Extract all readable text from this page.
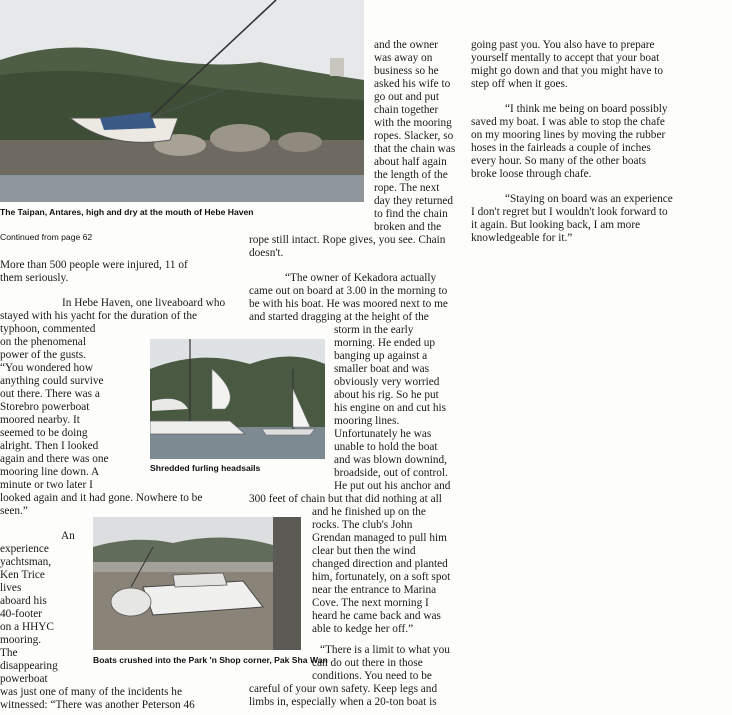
The Taipan, Antares, high and dry at the mouth of Hebe Haven
Continued from page 62
Shredded furling headsails
Boats crushed into the Park 'n Shop corner, Pak Sha Wan
More than 500 people were injured, 11 of
them seriously.
In Hebe Haven, one liveaboard who
stayed with his yacht for the duration of the
typhoon, commented
on the phenomenal
power of the gusts.
“You wondered how
anything could survive
out there. There was a
Storebro powerboat
moored nearby. It
seemed to be doing
alright. Then I looked
again and there was one
mooring line down. A
minute or two later I
looked again and it had gone. Nowhere to be
seen.”
An
experience
yachtsman,
Ken Trice
lives
aboard his
40-footer
on a HHYC
mooring.
The
disappearing
powerboat
was just one of many of the incidents he
witnessed: “There was another Peterson 46
and the owner
was away on
business so he
asked his wife to
go out and put
chain together
with the mooring
ropes. Slacker, so
that the chain was
about half again
the length of the
rope. The next
day they returned
to find the chain
broken and the
rope still intact. Rope gives, you see. Chain
doesn't.
“The owner of Kekadora actually
came out on board at 3.00 in the morning to
be with his boat. He was moored next to me
and started dragging at the height of the
storm in the early
morning. He ended up
banging up against a
smaller boat and was
obviously very worried
about his rig. So he put
his engine on and cut his
mooring lines.
Unfortunately he was
unable to hold the boat
and was blown downind,
broadside, out of control.
He put out his anchor and
300 feet of chain but that did nothing at all
and he finished up on the
rocks. The club's John
Grendan managed to pull him
clear but then the wind
changed direction and planted
him, fortunately, on a soft spot
near the entrance to Marina
Cove. The next morning I
heard he came back and was
able to kedge her off.”
“There is a limit to what you
can do out there in those
conditions. You need to be
careful of your own safety. Keep legs and
limbs in, especially when a 20-ton boat is
going past you. You also have to prepare
yourself mentally to accept that your boat
might go down and that you might have to
step off when it goes.
“I think me being on board possibly
saved my boat. I was able to stop the chafe
on my mooring lines by moving the rubber
hoses in the fairleads a couple of inches
every hour. So many of the other boats
broke loose through chafe.
“Staying on board was an experience
I don't regret but I wouldn't look forward to
it again. But looking back, I am more
knowledgeable for it.”
